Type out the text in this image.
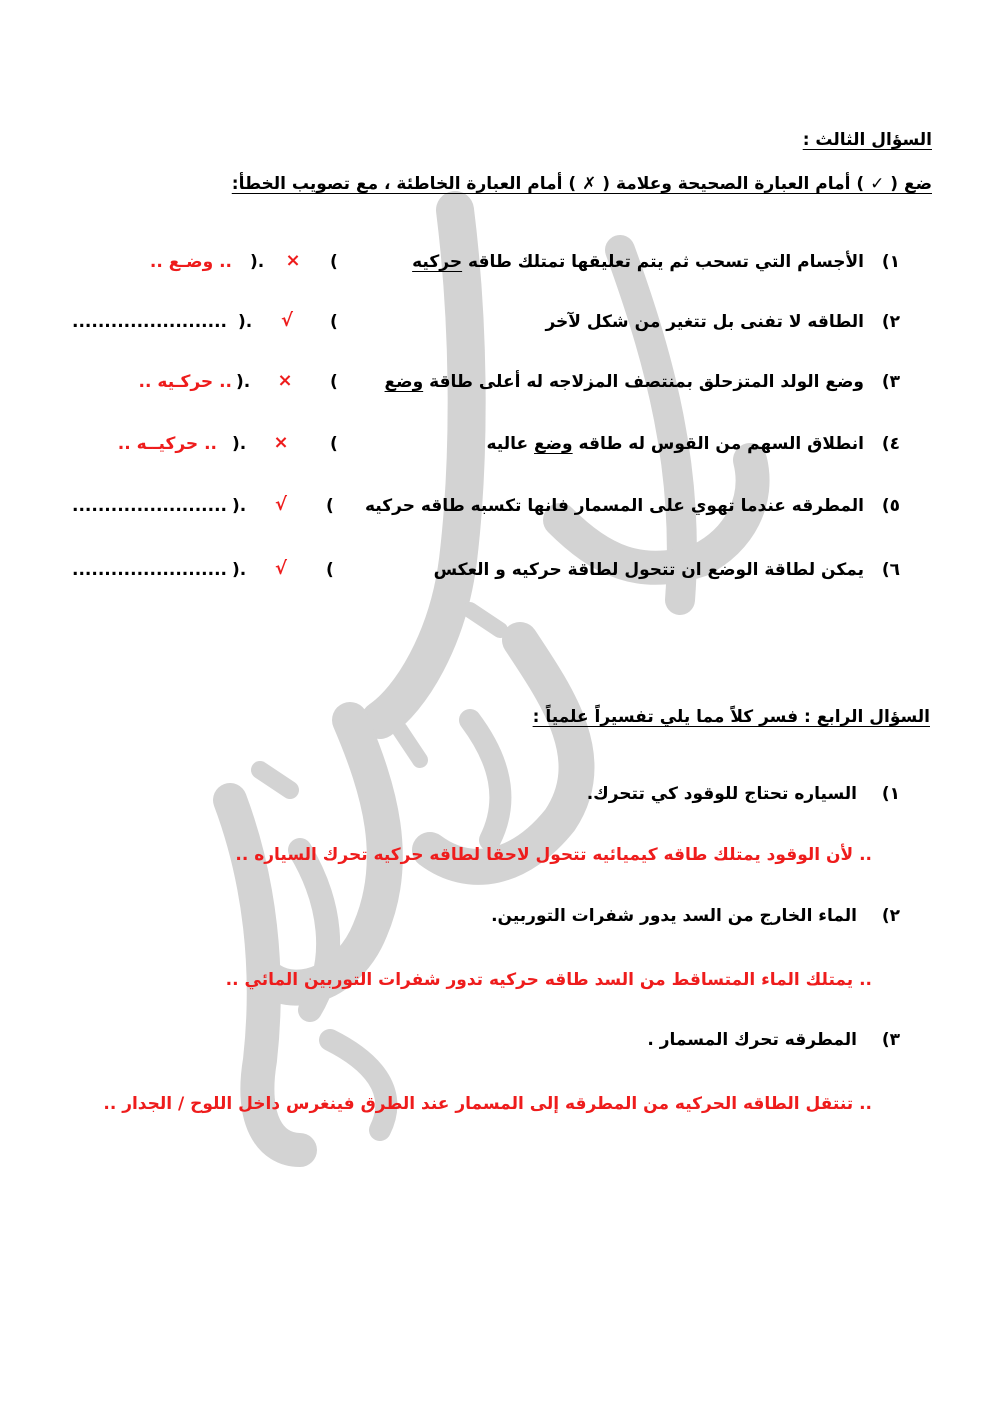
السؤال الثالث :
ضع ( ✓ ) أمام العبارة الصحيحة وعلامة ( ✗ ) أمام العبارة الخاطئة ، مع تصويب الخطأ:
١)
الأجسام التي تسحب ثم يتم تعليقها تمتلك طاقه حركيه
(
×
).
.. وضـع ..
٢)
الطاقه لا تفنى بل تتغير من شكل لآخر
(
√
).
........................
٣)
وضع الولد المتزحلق بمنتصف المزلاجه له أعلى طاقة وضع
(
×
).
.. حركـيه ..
٤)
انطلاق السهم من القوس له طاقه وضع عاليه
(
×
).
.. حركيــه ..
٥)
المطرقه عندما تهوي على المسمار فانها تكسبه طاقه حركيه
(
√
).
........................
٦)
يمكن لطاقة الوضع ان تتحول لطاقة حركيه و العكس
(
√
).
........................
السؤال الرابع : فسر كلاً مما يلي تفسيراً علمياً :
١)
السياره تحتاج للوقود كي تتحرك.
.. لأن الوقود يمتلك طاقه كيميائيه تتحول لاحقا لطاقه حركيه تحرك السياره ..
٢)
الماء الخارج من السد يدور شفرات التوربين.
.. يمتلك الماء المتساقط من السد طاقه حركيه تدور شفرات التوربين المائي ..
٣)
المطرقه تحرك المسمار .
.. تنتقل الطاقه الحركيه من المطرقه إلى المسمار عند الطرق فينغرس داخل اللوح / الجدار ..
